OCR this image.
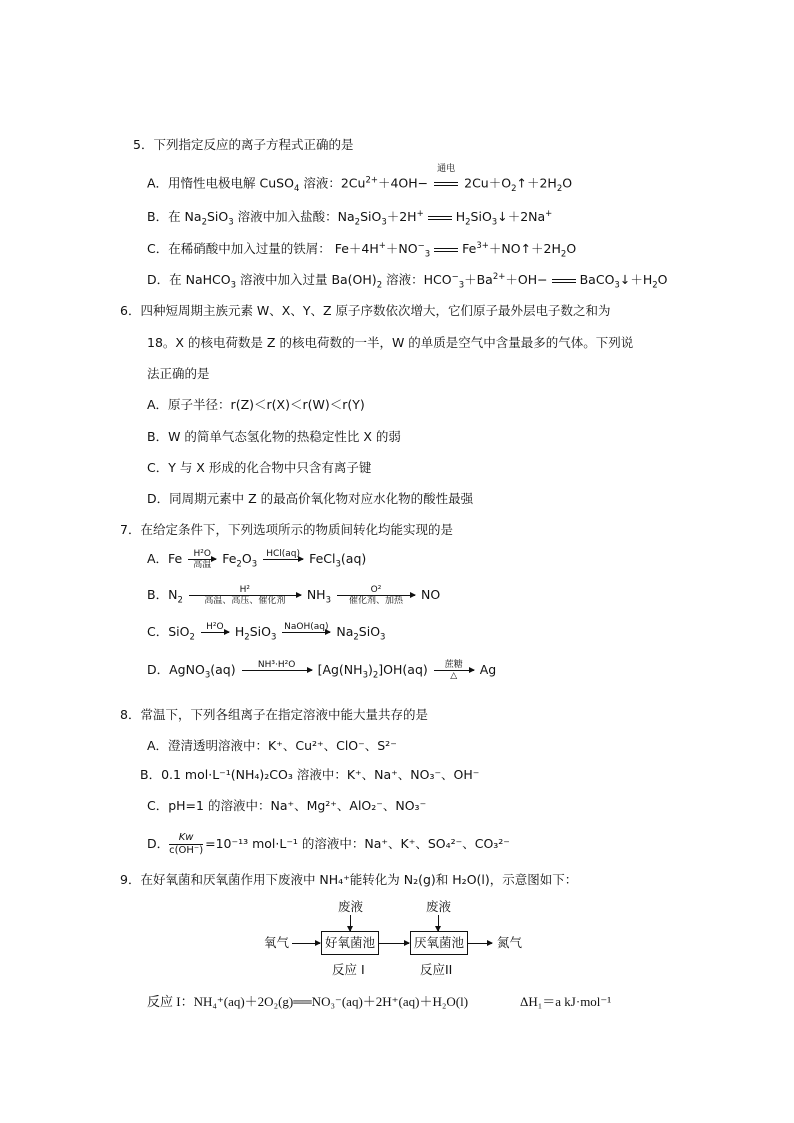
5．下列指定反应的离子方程式正确的是
A．用惰性电极电解 CuSO$_4$ 溶液：$2Cu^{2+}+4OH-$
通电
$2Cu+O_2↑+2H_2O$
B．在 $Na_2SiO_3$ 溶液中加入盐酸：$Na_2SiO_3+2H^+$	$H_2SiO_3↓+2Na^+$
C．在稀硝酸中加入过量的铁屑： $Fe+4H^++NO^-_3$	$Fe^{3+}+NO↑+2H_2O$
D．在 NaHCO$_3$ 溶液中加入过量 $Ba(OH)_2$ 溶液：$HCO^-_3+Ba^{2+}+OH-$	$BaCO_3↓+H_2O$
6．四种短周期主族元素 W、X、Y、Z 原子序数依次增大，它们原子最外层电子数之和为
18。X 的核电荷数是 Z 的核电荷数的一半，W 的单质是空气中含量最多的气体。下列说
法正确的是
A．原子半径：r(Z)＜r(X)＜r(W)＜r(Y)
B．W 的简单气态氢化物的热稳定性比 X 的弱
C．Y 与 X 形成的化合物中只含有离子键
D．同周期元素中 Z 的最高价氧化物对应水化物的酸性最强
7．在给定条件下，下列选项所示的物质间转化均能实现的是
A．Fe	H²O
高温 $Fe_2O_3$
HCl(aq)
FeCl$_3$(aq)
B．$N_2$
H²
高温、高压、催化剂	$NH_3$
O²
催化剂、加热	NO
C．SiO$_2$
H²O
$H_2SiO_3$
NaOH(aq)
$Na_2SiO_3$
D．AgNO$_3$(aq)	NH³·H²O
	$[Ag(NH_3)_2]OH(aq)$	蔗糖
△	Ag
8．常温下，下列各组离子在指定溶液中能大量共存的是
A．澄清透明溶液中：K⁺、Cu²⁺、ClO⁻、S²⁻
B．0.1 mol·L⁻¹(NH₄)₂CO₃ 溶液中：K⁺、Na⁺、NO₃⁻、OH⁻
C．pH=1 的溶液中：Na⁺、Mg²⁺、AlO₂⁻、NO₃⁻
D． $\frac{Kw}{c(OH^-)} =10^{-13}$ mol·L⁻¹ 的溶液中：Na⁺、K⁺、SO₄²⁻、CO₃²⁻
9．在好氧菌和厌氧菌作用下废液中 NH₄⁺能转化为 N₂(g)和 H₂O(l)，示意图如下：
废液	废液
氧气	好氧菌池	厌氧菌池	氮气
反应 I	反应II
反应 I：NH₄⁺(aq)＋2O₂(g)══NO₃⁻(aq)＋2H⁺(aq)＋H₂O(l)	ΔH₁＝a kJ·mol⁻¹
